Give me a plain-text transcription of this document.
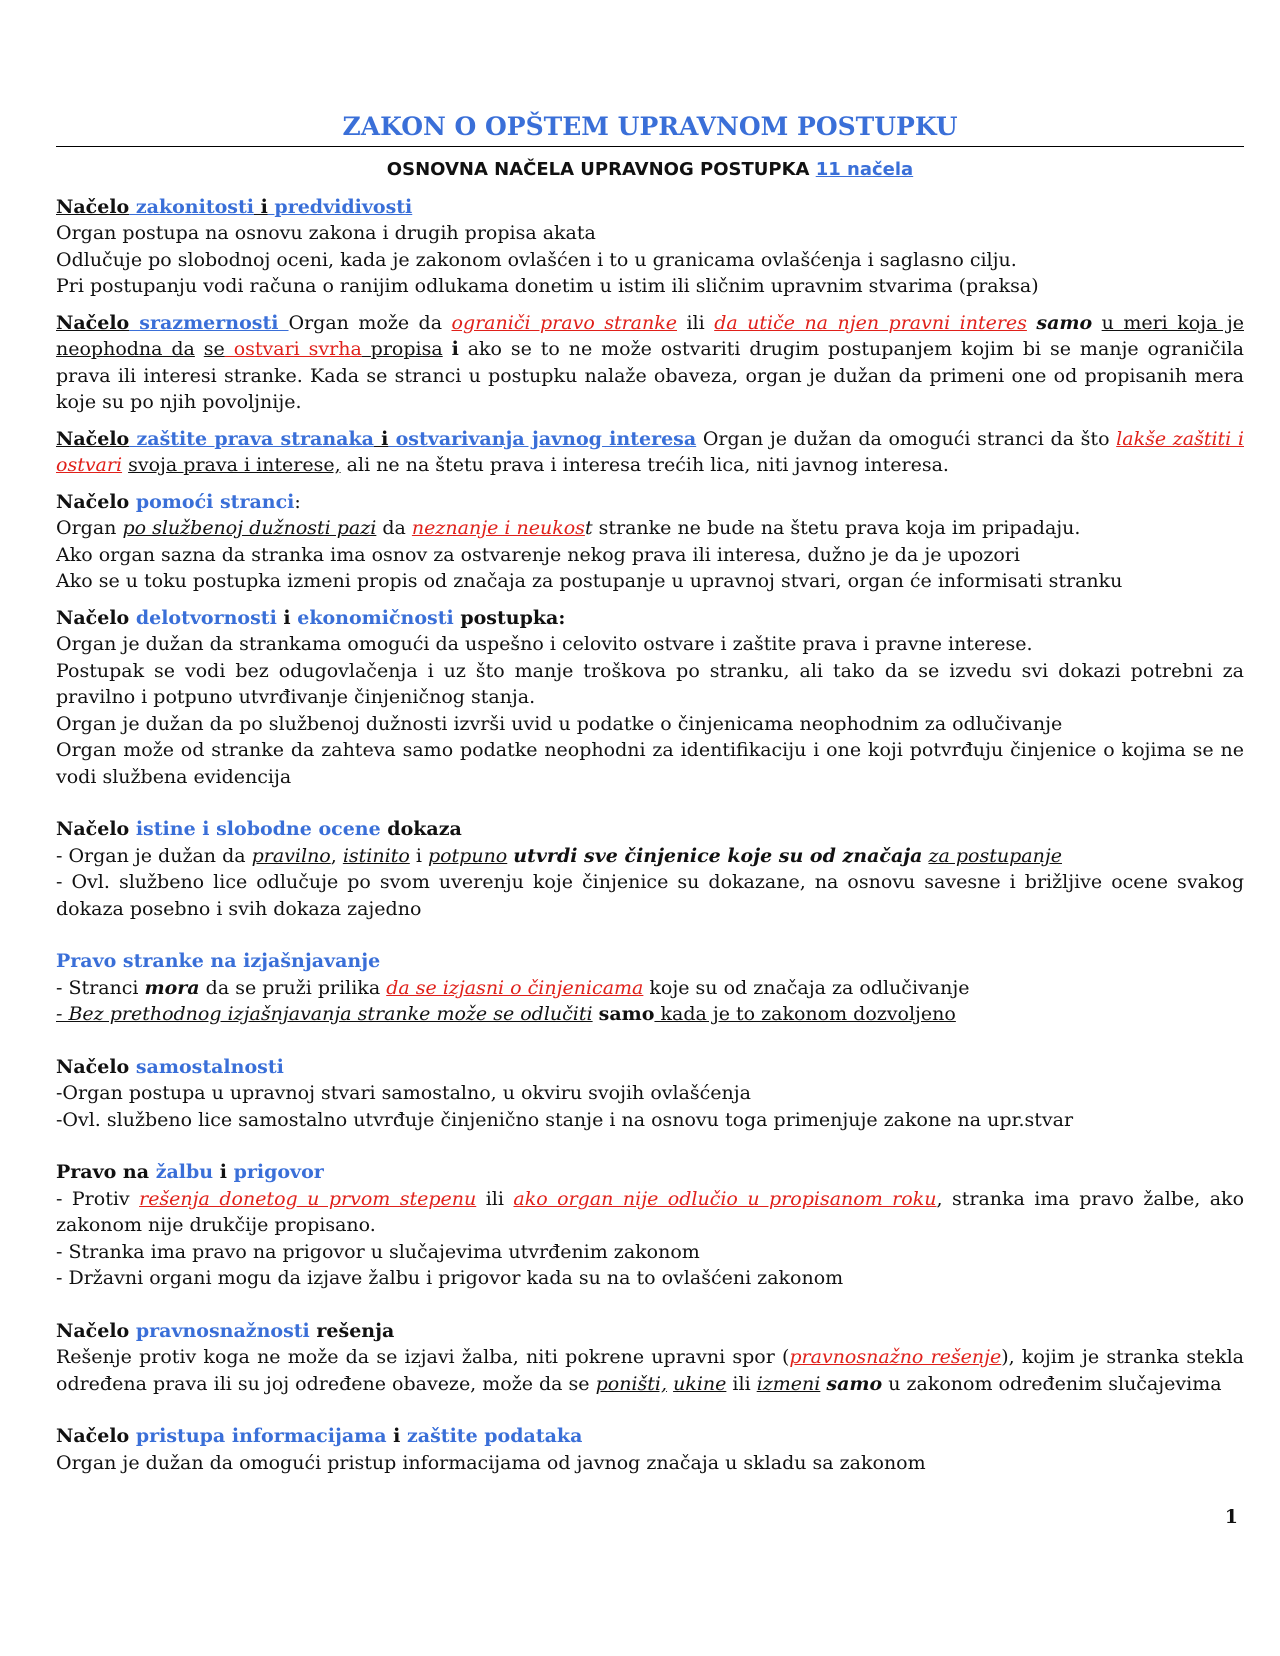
ZAKON O OPŠTEM UPRAVNOM POSTUPKU
OSNOVNA NAČELA UPRAVNOG POSTUPKA 11 načela

Načelo zakonitosti i predvidivosti

Organ postupa na osnovu zakona i drugih propisa akata

Odlučuje po slobodnoj oceni, kada je zakonom ovlašćen i to u granicama ovlašćenja i saglasno cilju.

Pri postupanju vodi računa o ranijim odlukama donetim u istim ili sličnim upravnim stvarima (praksa)

Načelo srazmernosti Organ može da ograniči pravo stranke ili da utiče na njen pravni interes samo u meri koja je neophodna da se ostvari svrha propisa i ako se to ne može ostvariti drugim postupanjem kojim bi se manje ograničila prava ili interesi stranke. Kada se stranci u postupku nalaže obaveza, organ je dužan da primeni one od propisanih mera koje su po njih povoljnije.

Načelo zaštite prava stranaka i ostvarivanja javnog interesa Organ je dužan da omogući stranci da što lakše zaštiti i ostvari svoja prava i interese, ali ne na štetu prava i interesa trećih lica, niti javnog interesa.

Načelo pomoći stranci:

Organ po službenoj dužnosti pazi da neznanje i neukost stranke ne bude na štetu prava koja im pripadaju.

Ako organ sazna da stranka ima osnov za ostvarenje nekog prava ili interesa, dužno je da je upozori

Ako se u toku postupka izmeni propis od značaja za postupanje u upravnoj stvari, organ će informisati stranku

Načelo delotvornosti i ekonomičnosti postupka:

Organ je dužan da strankama omogući da uspešno i celovito ostvare i zaštite prava i pravne interese.

Postupak se vodi bez odugovlačenja i uz što manje troškova po stranku, ali tako da se izvedu svi dokazi potrebni za pravilno i potpuno utvrđivanje činjeničnog stanja.

Organ je dužan da po službenoj dužnosti izvrši uvid u podatke o činjenicama neophodnim za odlučivanje

Organ može od stranke da zahteva samo podatke neophodni za identifikaciju i one koji potvrđuju činjenice o kojima se ne vodi službena evidencija

Načelo istine i slobodne ocene dokaza

- Organ je dužan da pravilno, istinito i potpuno utvrdi sve činjenice koje su od značaja za postupanje

- Ovl. službeno lice odlučuje po svom uverenju koje činjenice su dokazane, na osnovu savesne i brižljive ocene svakog dokaza posebno i svih dokaza zajedno

Pravo stranke na izjašnjavanje

- Stranci mora da se pruži prilika da se izjasni o činjenicama koje su od značaja za odlučivanje

- Bez prethodnog izjašnjavanja stranke može se odlučiti samo kada je to zakonom dozvoljeno

Načelo samostalnosti

-Organ postupa u upravnoj stvari samostalno, u okviru svojih ovlašćenja

-Ovl. službeno lice samostalno utvrđuje činjenično stanje i na osnovu toga primenjuje zakone na upr.stvar

Pravo na žalbu i prigovor

- Protiv rešenja donetog u prvom stepenu ili ako organ nije odlučio u propisanom roku, stranka ima pravo žalbe, ako zakonom nije drukčije propisano.

- Stranka ima pravo na prigovor u slučajevima utvrđenim zakonom

- Državni organi mogu da izjave žalbu i prigovor kada su na to ovlašćeni zakonom

Načelo pravnosnažnosti rešenja

Rešenje protiv koga ne može da se izjavi žalba, niti pokrene upravni spor (pravnosnažno rešenje), kojim je stranka stekla određena prava ili su joj određene obaveze, može da se poništi, ukine ili izmeni samo u zakonom određenim slučajevima

Načelo pristupa informacijama i zaštite podataka

Organ je dužan da omogući pristup informacijama od javnog značaja u skladu sa zakonom

1
